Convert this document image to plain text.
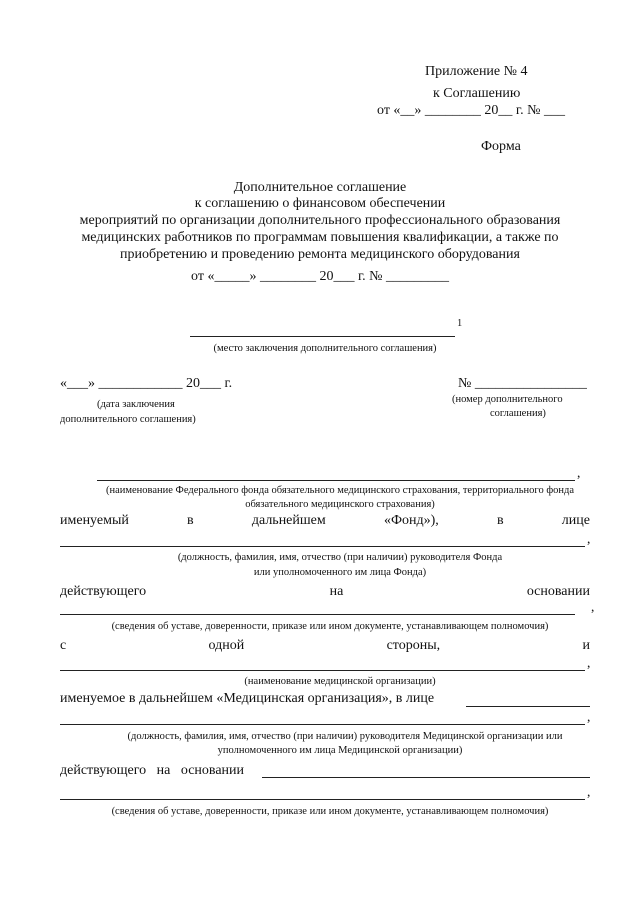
Приложение № 4
к Соглашению
от «__» ________ 20__ г. № ___
Форма
Дополнительное соглашение
к соглашению о финансовом обеспечении
мероприятий по организации дополнительного профессионального образования
медицинских работников по программам повышения квалификации, а также по
приобретению и проведению ремонта медицинского оборудования
от «_____» ________ 20___ г. № _________
1
(место заключения дополнительного соглашения)
«___» ____________ 20___ г.
(дата заключения
дополнительного соглашения)
№ ________________
(номер дополнительного
соглашения)
,
(наименование Федерального фонда обязательного медицинского страхования, территориального фонда
обязательного медицинского страхования)
именуемый	в	дальнейшем	«Фонд»),	в	лице
,
(должность, фамилия, имя, отчество (при наличии) руководителя Фонда
или уполномоченного им лица Фонда)
действующего	на	основании
,
(сведения об уставе, доверенности, приказе или ином документе, устанавливающем полномочия)
с	одной	стороны,	и
,
(наименование медицинской организации)
именуемое в дальнейшем «Медицинская организация», в лице
,
(должность, фамилия, имя, отчество (при наличии) руководителя Медицинской организации или
уполномоченного им лица Медицинской организации)
действующего   на   основании
,
(сведения об уставе, доверенности, приказе или ином документе, устанавливающем полномочия)
